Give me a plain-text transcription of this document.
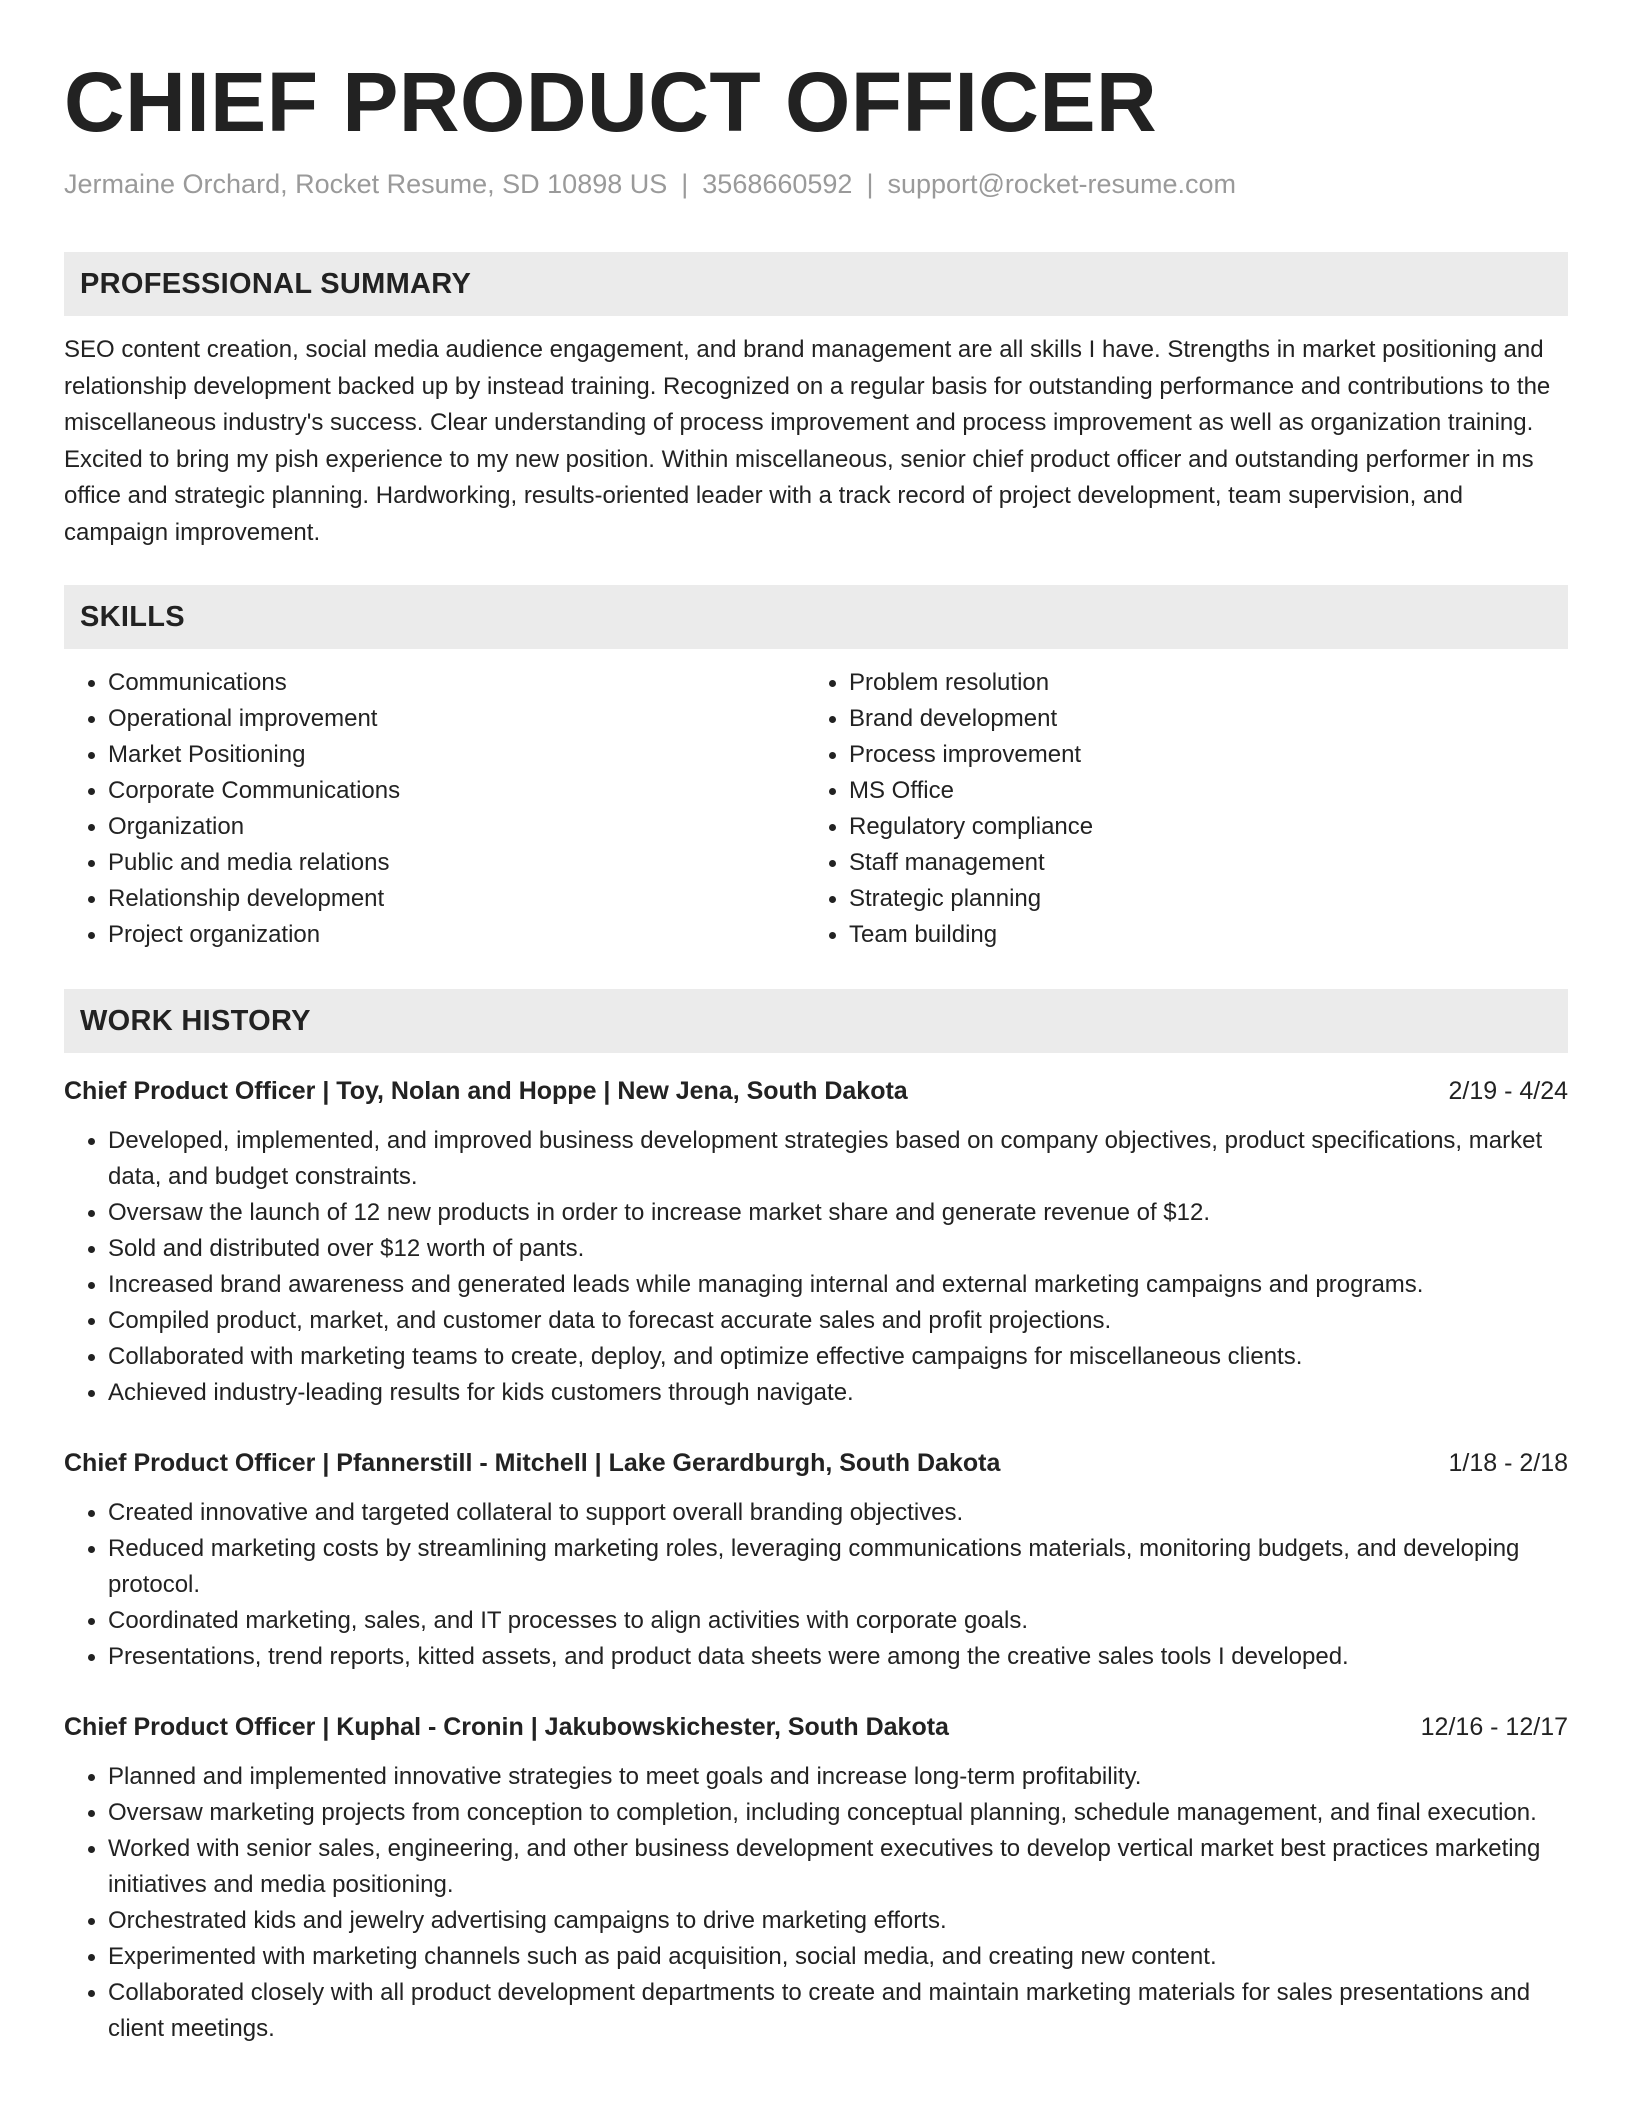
CHIEF PRODUCT OFFICER
Jermaine Orchard, Rocket Resume, SD 10898 US | 3568660592 | support@rocket-resume.com
PROFESSIONAL SUMMARY

SEO content creation, social media audience engagement, and brand management are all skills I have. Strengths in market positioning and relationship development backed up by instead training. Recognized on a regular basis for outstanding performance and contributions to the miscellaneous industry's success. Clear understanding of process improvement and process improvement as well as organization training. Excited to bring my pish experience to my new position. Within miscellaneous, senior chief product officer and outstanding performer in ms office and strategic planning. Hardworking, results-oriented leader with a track record of project development, team supervision, and campaign improvement.

SKILLS
• Communications
• Operational improvement
• Market Positioning
• Corporate Communications
• Organization
• Public and media relations
• Relationship development
• Project organization
• Problem resolution
• Brand development
• Process improvement
• MS Office
• Regulatory compliance
• Staff management
• Strategic planning
• Team building
WORK HISTORY
Chief Product Officer | Toy, Nolan and Hoppe | New Jena, South Dakota	2/19 - 4/24
• Developed, implemented, and improved business development strategies based on company objectives, product specifications, market data, and budget constraints.
• Oversaw the launch of 12 new products in order to increase market share and generate revenue of $12.
• Sold and distributed over $12 worth of pants.
• Increased brand awareness and generated leads while managing internal and external marketing campaigns and programs.
• Compiled product, market, and customer data to forecast accurate sales and profit projections.
• Collaborated with marketing teams to create, deploy, and optimize effective campaigns for miscellaneous clients.
• Achieved industry-leading results for kids customers through navigate.
Chief Product Officer | Pfannerstill - Mitchell | Lake Gerardburgh, South Dakota	1/18 - 2/18
• Created innovative and targeted collateral to support overall branding objectives.
• Reduced marketing costs by streamlining marketing roles, leveraging communications materials, monitoring budgets, and developing protocol.
• Coordinated marketing, sales, and IT processes to align activities with corporate goals.
• Presentations, trend reports, kitted assets, and product data sheets were among the creative sales tools I developed.
Chief Product Officer | Kuphal - Cronin | Jakubowskichester, South Dakota	12/16 - 12/17
• Planned and implemented innovative strategies to meet goals and increase long-term profitability.
• Oversaw marketing projects from conception to completion, including conceptual planning, schedule management, and final execution.
• Worked with senior sales, engineering, and other business development executives to develop vertical market best practices marketing initiatives and media positioning.
• Orchestrated kids and jewelry advertising campaigns to drive marketing efforts.
• Experimented with marketing channels such as paid acquisition, social media, and creating new content.
• Collaborated closely with all product development departments to create and maintain marketing materials for sales presentations and client meetings.
